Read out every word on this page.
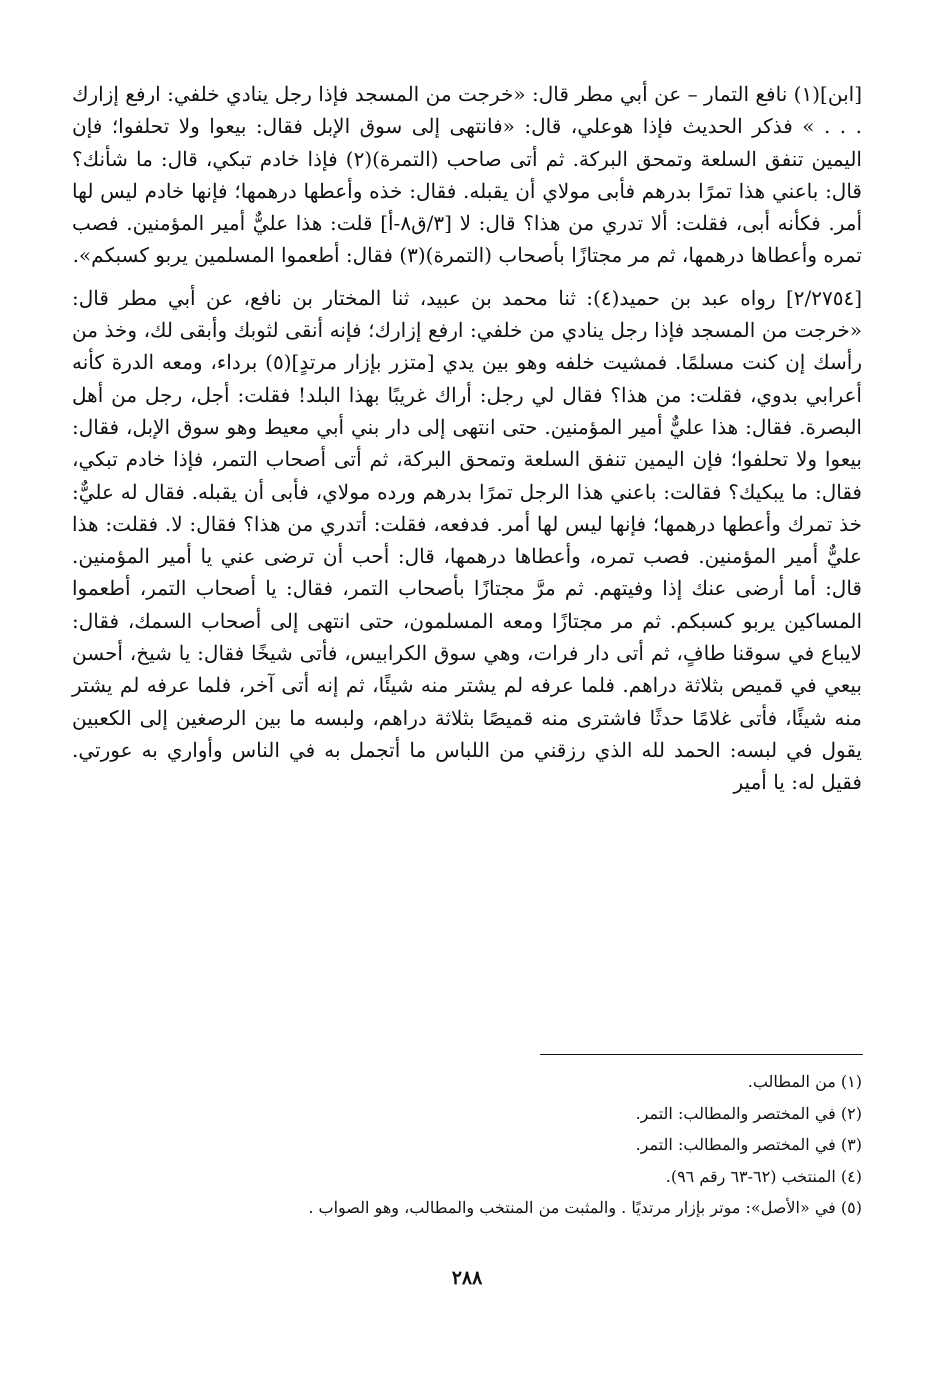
[ابن](١) نافع التمار – عن أبي مطر قال: «خرجت من المسجد فإذا رجل ينادي خلفي: ارفع إزارك . . . » فذكر الحديث فإذا هوعلي، قال: «فانتهى إلى سوق الإبل فقال: بيعوا ولا تحلفوا؛ فإن اليمين تنفق السلعة وتمحق البركة. ثم أتى صاحب (التمرة)(٢) فإذا خادم تبكي، قال: ما شأنك؟ قال: باعني هذا تمرًا بدرهم فأبى مولاي أن يقبله. فقال: خذه وأعطها درهمها؛ فإنها خادم ليس لها أمر. فكأنه أبى، فقلت: ألا تدري من هذا؟ قال: لا [٣/ق٨-أ] قلت: هذا عليٌّ أمير المؤمنين. فصب تمره وأعطاها درهمها، ثم مر مجتازًا بأصحاب (التمرة)(٣) فقال: أطعموا المسلمين يربو كسبكم».

[٢/٢٧٥٤] رواه عبد بن حميد(٤): ثنا محمد بن عبيد، ثنا المختار بن نافع، عن أبي مطر قال: «خرجت من المسجد فإذا رجل ينادي من خلفي: ارفع إزارك؛ فإنه أنقى لثوبك وأبقى لك، وخذ من رأسك إن كنت مسلمًا. فمشيت خلفه وهو بين يدي [متزر بإزار مرتدٍ](٥) برداء، ومعه الدرة كأنه أعرابي بدوي، فقلت: من هذا؟ فقال لي رجل: أراك غريبًا بهذا البلد! فقلت: أجل، رجل من أهل البصرة. فقال: هذا عليٌّ أمير المؤمنين. حتى انتهى إلى دار بني أبي معيط وهو سوق الإبل، فقال: بيعوا ولا تحلفوا؛ فإن اليمين تنفق السلعة وتمحق البركة، ثم أتى أصحاب التمر، فإذا خادم تبكي، فقال: ما يبكيك؟ فقالت: باعني هذا الرجل تمرًا بدرهم ورده مولاي، فأبى أن يقبله. فقال له عليٌّ: خذ تمرك وأعطها درهمها؛ فإنها ليس لها أمر. فدفعه، فقلت: أتدري من هذا؟ فقال: لا. فقلت: هذا عليٌّ أمير المؤمنين. فصب تمره، وأعطاها درهمها، قال: أحب أن ترضى عني يا أمير المؤمنين. قال: أما أرضى عنك إذا وفيتهم. ثم مرَّ مجتازًا بأصحاب التمر، فقال: يا أصحاب التمر، أطعموا المساكين يربو كسبكم. ثم مر مجتازًا ومعه المسلمون، حتى انتهى إلى أصحاب السمك، فقال: لايباع في سوقنا طافٍ، ثم أتى دار فرات، وهي سوق الكرابيس، فأتى شيخًا فقال: يا شيخ، أحسن بيعي في قميص بثلاثة دراهم. فلما عرفه لم يشتر منه شيئًا، ثم إنه أتى آخر، فلما عرفه لم يشتر منه شيئًا، فأتى غلامًا حدثًا فاشترى منه قميصًا بثلاثة دراهم، ولبسه ما بين الرصغين إلى الكعبين يقول في لبسه: الحمد لله الذي رزقني من اللباس ما أتجمل به في الناس وأواري به عورتي. فقيل له: يا أمير

(١) من المطالب.

(٢) في المختصر والمطالب: التمر.

(٣) في المختصر والمطالب: التمر.

(٤) المنتخب (٦٢-٦٣ رقم ٩٦).

(٥) في «الأصل»: موتر بإزار مرتديًا . والمثبت من المنتخب والمطالب، وهو الصواب .

٢٨٨
